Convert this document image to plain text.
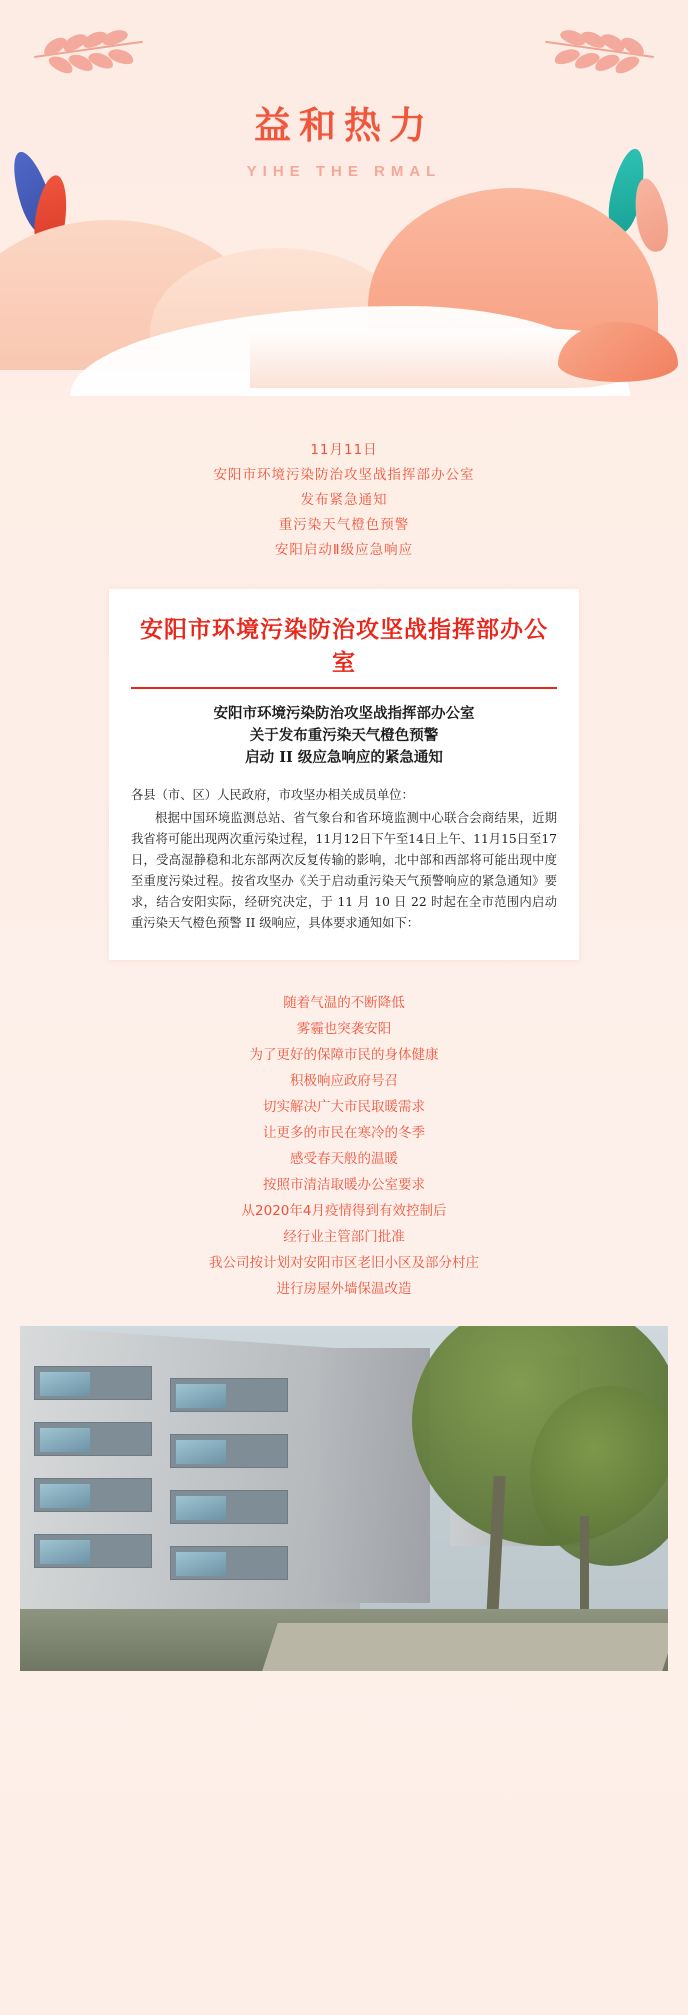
益和热力
YIHE THE RMAL
11月11日
安阳市环境污染防治攻坚战指挥部办公室
发布紧急通知
重污染天气橙色预警
安阳启动Ⅱ级应急响应
安阳市环境污染防治攻坚战指挥部办公室
安阳市环境污染防治攻坚战指挥部办公室
关于发布重污染天气橙色预警
启动 II 级应急响应的紧急通知

各县（市、区）人民政府，市攻坚办相关成员单位：

根据中国环境监测总站、省气象台和省环境监测中心联合会商结果，近期我省将可能出现两次重污染过程，11月12日下午至14日上午、11月15日至17日，受高湿静稳和北东部两次反复传输的影响，北中部和西部将可能出现中度至重度污染过程。按省攻坚办《关于启动重污染天气预警响应的紧急通知》要求，结合安阳实际，经研究决定，于 11 月 10 日 22 时起在全市范围内启动重污染天气橙色预警 II 级响应，具体要求通知如下：

随着气温的不断降低
雾霾也突袭安阳
为了更好的保障市民的身体健康
积极响应政府号召
切实解决广大市民取暖需求
让更多的市民在寒冷的冬季
感受春天般的温暖
按照市清洁取暖办公室要求
从2020年4月疫情得到有效控制后
经行业主管部门批准
我公司按计划对安阳市区老旧小区及部分村庄
进行房屋外墙保温改造
